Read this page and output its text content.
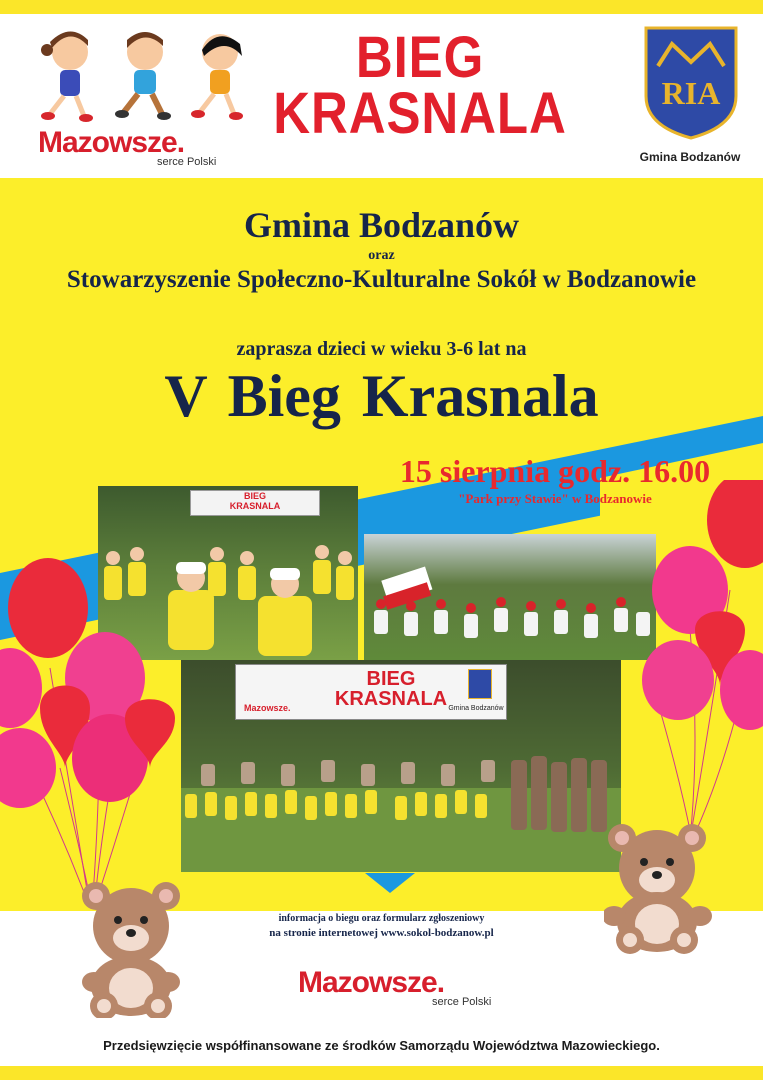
Mazowsze.
serce Polski
BIEG
KRASNALA	RIA
Gmina Bodzanów
Gmina Bodzanów
oraz
Stowarzyszenie Społeczno-Kulturalne Sokół w Bodzanowie
zaprasza dzieci w wieku 3-6 lat na
V Bieg Krasnala
15 sierpnia godz. 16.00
"Park przy Stawie" w Bodzanowie
BIEG
KRASNALA
BIEG
KRASNALA
Mazowsze.	Gmina Bodzanów
informacja o biegu oraz formularz zgłoszeniowy
na stronie internetowej www.sokol-bodzanow.pl
Mazowsze.
serce Polski
Przedsięwzięcie współfinansowane ze środków Samorządu Województwa Mazowieckiego.
